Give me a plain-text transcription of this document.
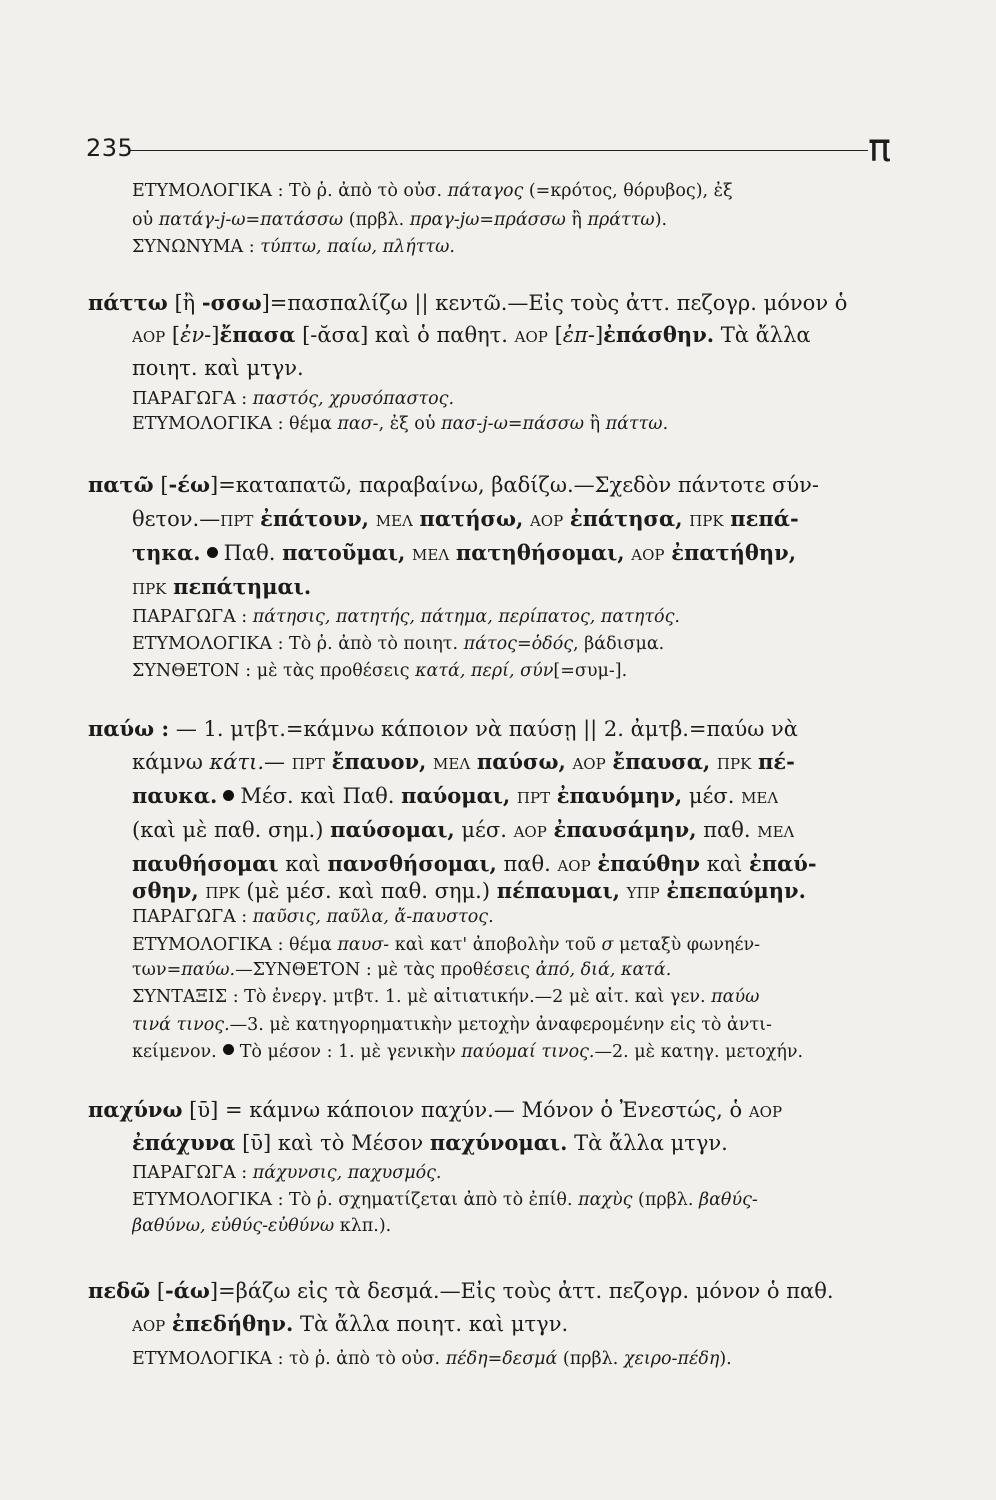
235	π
ΕΤΥΜΟΛΟΓΙΚΑ : Τὸ ῥ. ἀπὸ τὸ οὐσ. πάταγος (=κρότος, θόρυβος), ἐξ
οὗ πατάγ-j-ω=πατάσσω (πρβλ. πραγ-jω=πράσσω ἢ πράττω).
ΣΥΝΩΝΥΜΑ : τύπτω, παίω, πλήττω.
πάττω [ἢ -σσω]=πασπαλίζω || κεντῶ.—Εἰς τοὺς ἀττ. πεζογρ. μόνον ὁ
ΑΟΡ [ἐν-]ἔπασα [-ᾰσα] καὶ ὁ παθητ. ΑΟΡ [ἐπ-]ἐπάσθην. Τὰ ἄλλα
ποιητ. καὶ μτγν.
ΠΑΡΑΓΩΓΑ : παστός, χρυσόπαστος.
ΕΤΥΜΟΛΟΓΙΚΑ : θέμα πασ-, ἐξ οὗ πασ-j-ω=πάσσω ἢ πάττω.
πατῶ [-έω]=καταπατῶ, παραβαίνω, βαδίζω.—Σχεδὸν πάντοτε σύν-
θετον.—ΠΡΤ ἐπάτουν, ΜΕΛ πατήσω, ΑΟΡ ἐπάτησα, ΠΡΚ πεπά-
τηκα. Παθ. πατοῦμαι, ΜΕΛ πατηθήσομαι, ΑΟΡ ἐπατήθην,
ΠΡΚ πεπάτημαι.
ΠΑΡΑΓΩΓΑ : πάτησις, πατητής, πάτημα, περίπατος, πατητός.
ΕΤΥΜΟΛΟΓΙΚΑ : Τὸ ῥ. ἀπὸ τὸ ποιητ. πάτος=ὁδός, βάδισμα.
ΣΥΝΘΕΤΟΝ : μὲ τὰς προθέσεις κατά, περί, σύν[=συμ-].
παύω : — 1. μτβτ.=κάμνω κάποιον νὰ παύσῃ || 2. ἀμτβ.=παύω νὰ
κάμνω κάτι.— ΠΡΤ ἔπαυον, ΜΕΛ παύσω, ΑΟΡ ἔπαυσα, ΠΡΚ πέ-
παυκα. Μέσ. καὶ Παθ. παύομαι, ΠΡΤ ἐπαυόμην, μέσ. ΜΕΛ
(καὶ μὲ παθ. σημ.) παύσομαι, μέσ. ΑΟΡ ἐπαυσάμην, παθ. ΜΕΛ
παυθήσομαι καὶ πανσθήσομαι, παθ. ΑΟΡ ἐπαύθην καὶ ἐπαύ-
σθην, ΠΡΚ (μὲ μέσ. καὶ παθ. σημ.) πέπαυμαι, ΥΠΡ ἐπεπαύμην.
ΠΑΡΑΓΩΓΑ : παῦσις, παῦλα, ἄ-παυστος.
ΕΤΥΜΟΛΟΓΙΚΑ : θέμα παυσ- καὶ κατ' ἀποβολὴν τοῦ σ μεταξὺ φωνηέν-
των=παύω.—ΣΥΝΘΕΤΟΝ : μὲ τὰς προθέσεις ἀπό, διά, κατά.
ΣΥΝΤΑΞΙΣ : Τὸ ἐνεργ. μτβτ. 1. μὲ αἰτιατικήν.—2 μὲ αἰτ. καὶ γεν. παύω
τινά τινος.—3. μὲ κατηγορηματικὴν μετοχὴν ἀναφερομένην εἰς τὸ ἀντι-
κείμενον. Τὸ μέσον : 1. μὲ γενικὴν παύομαί τινος.—2. μὲ κατηγ. μετοχήν.
παχύνω [ῡ] = κάμνω κάποιον παχύν.— Μόνον ὁ Ἐνεστώς, ὁ ΑΟΡ
ἐπάχυνα [ῡ] καὶ τὸ Μέσον παχύνομαι. Τὰ ἄλλα μτγν.
ΠΑΡΑΓΩΓΑ : πάχυνσις, παχυσμός.
ΕΤΥΜΟΛΟΓΙΚΑ : Τὸ ῥ. σχηματίζεται ἀπὸ τὸ ἐπίθ. παχὺς (πρβλ. βαθύς-
βαθύνω, εὐθύς-εὐθύνω κλπ.).
πεδῶ [-άω]=βάζω εἰς τὰ δεσμά.—Εἰς τοὺς ἀττ. πεζογρ. μόνον ὁ παθ.
ΑΟΡ ἐπεδήθην. Τὰ ἄλλα ποιητ. καὶ μτγν.
ΕΤΥΜΟΛΟΓΙΚΑ : τὸ ῥ. ἀπὸ τὸ οὐσ. πέδη=δεσμά (πρβλ. χειρο-πέδη).
